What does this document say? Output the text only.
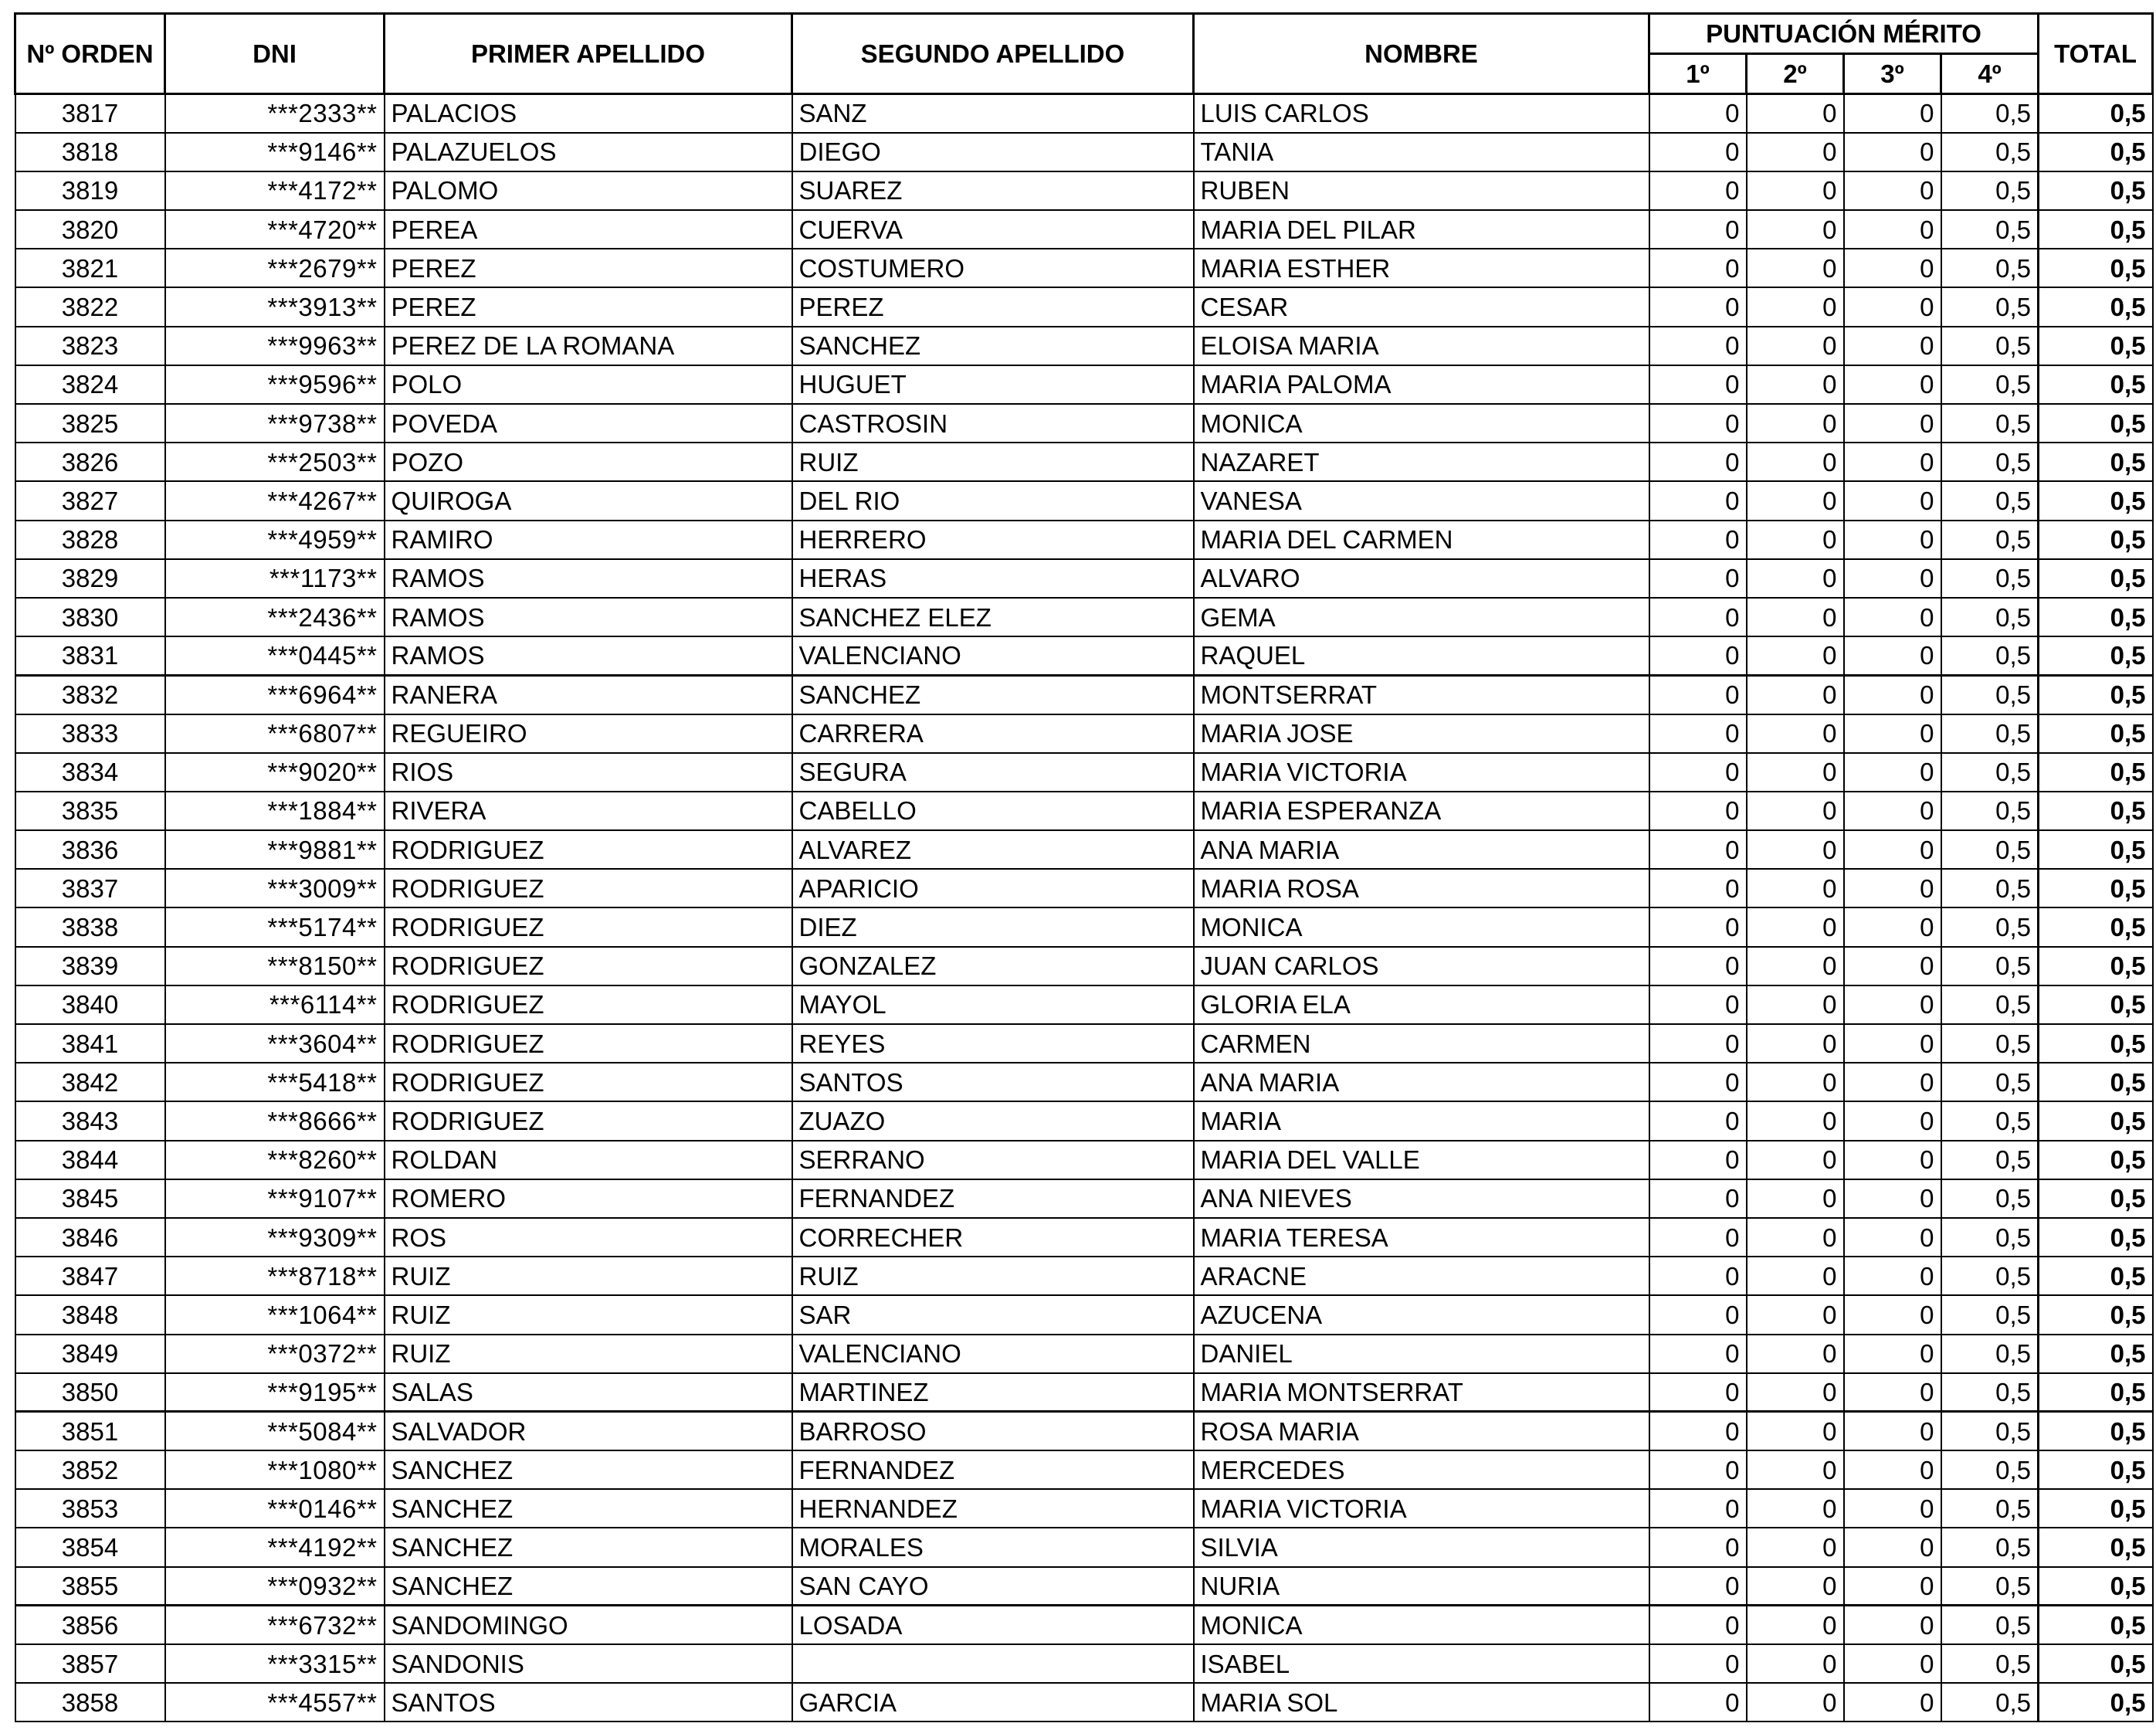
Nº ORDEN	DNI	PRIMER APELLIDO	SEGUNDO APELLIDO	NOMBRE	PUNTUACIÓN MÉRITO				TOTAL
					1º	2º	3º	4º	
3817	***2333**	PALACIOS	SANZ	LUIS CARLOS	0	0	0	0,5	0,5
3818	***9146**	PALAZUELOS	DIEGO	TANIA	0	0	0	0,5	0,5
3819	***4172**	PALOMO	SUAREZ	RUBEN	0	0	0	0,5	0,5
3820	***4720**	PEREA	CUERVA	MARIA DEL PILAR	0	0	0	0,5	0,5
3821	***2679**	PEREZ	COSTUMERO	MARIA ESTHER	0	0	0	0,5	0,5
3822	***3913**	PEREZ	PEREZ	CESAR	0	0	0	0,5	0,5
3823	***9963**	PEREZ DE LA ROMANA	SANCHEZ	ELOISA MARIA	0	0	0	0,5	0,5
3824	***9596**	POLO	HUGUET	MARIA PALOMA	0	0	0	0,5	0,5
3825	***9738**	POVEDA	CASTROSIN	MONICA	0	0	0	0,5	0,5
3826	***2503**	POZO	RUIZ	NAZARET	0	0	0	0,5	0,5
3827	***4267**	QUIROGA	DEL RIO	VANESA	0	0	0	0,5	0,5
3828	***4959**	RAMIRO	HERRERO	MARIA DEL CARMEN	0	0	0	0,5	0,5
3829	***1173**	RAMOS	HERAS	ALVARO	0	0	0	0,5	0,5
3830	***2436**	RAMOS	SANCHEZ ELEZ	GEMA	0	0	0	0,5	0,5
3831	***0445**	RAMOS	VALENCIANO	RAQUEL	0	0	0	0,5	0,5
3832	***6964**	RANERA	SANCHEZ	MONTSERRAT	0	0	0	0,5	0,5
3833	***6807**	REGUEIRO	CARRERA	MARIA JOSE	0	0	0	0,5	0,5
3834	***9020**	RIOS	SEGURA	MARIA VICTORIA	0	0	0	0,5	0,5
3835	***1884**	RIVERA	CABELLO	MARIA ESPERANZA	0	0	0	0,5	0,5
3836	***9881**	RODRIGUEZ	ALVAREZ	ANA MARIA	0	0	0	0,5	0,5
3837	***3009**	RODRIGUEZ	APARICIO	MARIA ROSA	0	0	0	0,5	0,5
3838	***5174**	RODRIGUEZ	DIEZ	MONICA	0	0	0	0,5	0,5
3839	***8150**	RODRIGUEZ	GONZALEZ	JUAN CARLOS	0	0	0	0,5	0,5
3840	***6114**	RODRIGUEZ	MAYOL	GLORIA ELA	0	0	0	0,5	0,5
3841	***3604**	RODRIGUEZ	REYES	CARMEN	0	0	0	0,5	0,5
3842	***5418**	RODRIGUEZ	SANTOS	ANA MARIA	0	0	0	0,5	0,5
3843	***8666**	RODRIGUEZ	ZUAZO	MARIA	0	0	0	0,5	0,5
3844	***8260**	ROLDAN	SERRANO	MARIA DEL VALLE	0	0	0	0,5	0,5
3845	***9107**	ROMERO	FERNANDEZ	ANA NIEVES	0	0	0	0,5	0,5
3846	***9309**	ROS	CORRECHER	MARIA TERESA	0	0	0	0,5	0,5
3847	***8718**	RUIZ	RUIZ	ARACNE	0	0	0	0,5	0,5
3848	***1064**	RUIZ	SAR	AZUCENA	0	0	0	0,5	0,5
3849	***0372**	RUIZ	VALENCIANO	DANIEL	0	0	0	0,5	0,5
3850	***9195**	SALAS	MARTINEZ	MARIA MONTSERRAT	0	0	0	0,5	0,5
3851	***5084**	SALVADOR	BARROSO	ROSA MARIA	0	0	0	0,5	0,5
3852	***1080**	SANCHEZ	FERNANDEZ	MERCEDES	0	0	0	0,5	0,5
3853	***0146**	SANCHEZ	HERNANDEZ	MARIA VICTORIA	0	0	0	0,5	0,5
3854	***4192**	SANCHEZ	MORALES	SILVIA	0	0	0	0,5	0,5
3855	***0932**	SANCHEZ	SAN CAYO	NURIA	0	0	0	0,5	0,5
3856	***6732**	SANDOMINGO	LOSADA	MONICA	0	0	0	0,5	0,5
3857	***3315**	SANDONIS		ISABEL	0	0	0	0,5	0,5
3858	***4557**	SANTOS	GARCIA	MARIA SOL	0	0	0	0,5	0,5
